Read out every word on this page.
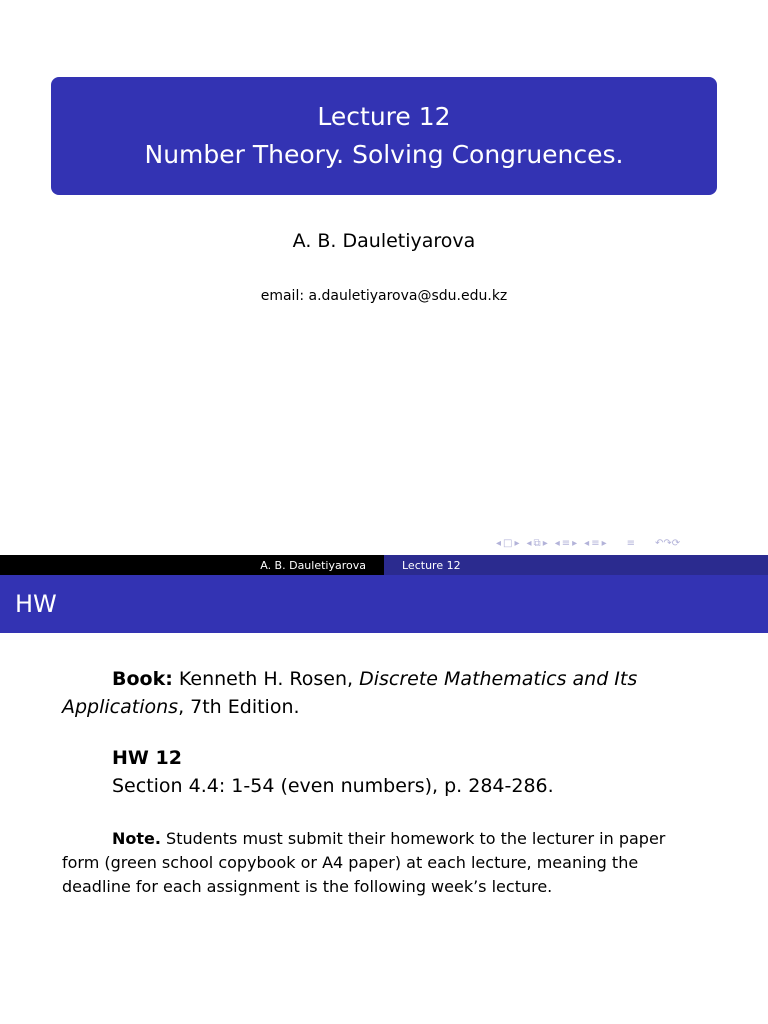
Lecture 12
Number Theory. Solving Congruences.
A. B. Dauletiyarova
email: a.dauletiyarova@sdu.edu.kz
◂ □ ▸ ◂ ⧉ ▸ ◂ ≡ ▸ ◂ ≡ ▸ ≡ ↶↷⟳
A. B. Dauletiyarova	Lecture 12
HW
Book: Kenneth H. Rosen, Discrete Mathematics and Its Applications, 7th Edition.
HW 12
Section 4.4: 1-54 (even numbers), p. 284-286.
Note. Students must submit their homework to the lecturer in paper form (green school copybook or A4 paper) at each lecture, meaning the deadline for each assignment is the following week’s lecture.
